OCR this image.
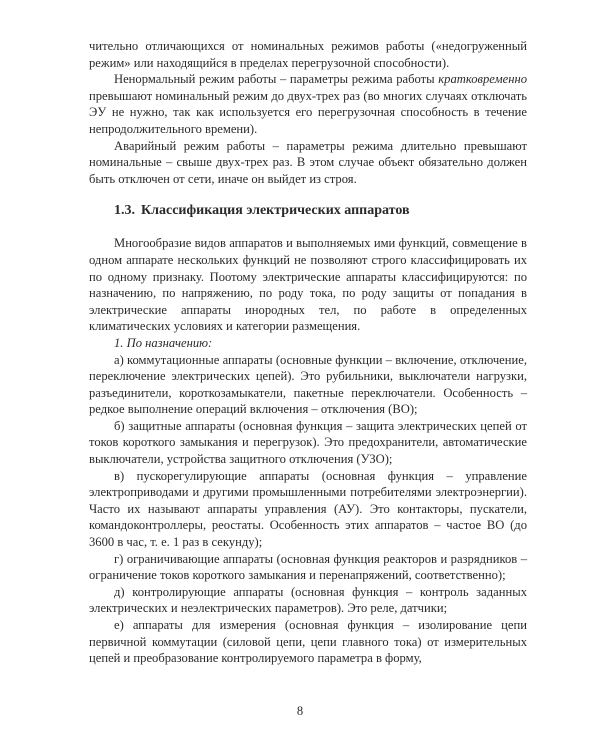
чительно отличающихся от номинальных режимов работы («недогруженный режим» или находящийся в пределах перегрузочной способности).

Ненормальный режим работы – параметры режима работы кратковременно превышают номинальный режим до двух-трех раз (во многих случаях отключать ЭУ не нужно, так как используется его перегрузочная способность в течение непродолжительного времени).

Аварийный режим работы – параметры режима длительно превышают номинальные – свыше двух-трех раз. В этом случае объект обязательно должен быть отключен от сети, иначе он выйдет из строя.

1.3. Классификация электрических аппаратов

Многообразие видов аппаратов и выполняемых ими функций, совмещение в одном аппарате нескольких функций не позволяют строго классифицировать их по одному признаку. Поотому электрические аппараты классифицируются: по назначению, по напряжению, по роду тока, по роду защиты от попадания в электрические аппараты инородных тел, по работе в определенных климатических условиях и категории размещения.

1. По назначению:

а) коммутационные аппараты (основные функции – включение, отключение, переключение электрических цепей). Это рубильники, выключатели нагрузки, разъединители, короткозамыкатели, пакетные переключатели. Особенность – редкое выполнение операций включения – отключения (ВО);

б) защитные аппараты (основная функция – защита электрических цепей от токов короткого замыкания и перегрузок). Это предохранители, автоматические выключатели, устройства защитного отключения (УЗО);

в) пускорегулирующие аппараты (основная функция – управление электроприводами и другими промышленными потребителями электроэнергии). Часто их называют аппараты управления (АУ). Это контакторы, пускатели, командоконтроллеры, реостаты. Особенность этих аппаратов – частое ВО (до 3600 в час, т. е. 1 раз в секунду);

г) ограничивающие аппараты (основная функция реакторов и разрядников – ограничение токов короткого замыкания и перенапряжений, соответственно);

д) контролирующие аппараты (основная функция – контроль заданных электрических и неэлектрических параметров). Это реле, датчики;

е) аппараты для измерения (основная функция – изолирование цепи первичной коммутации (силовой цепи, цепи главного тока) от измерительных цепей и преобразование контролируемого параметра в форму,

8
